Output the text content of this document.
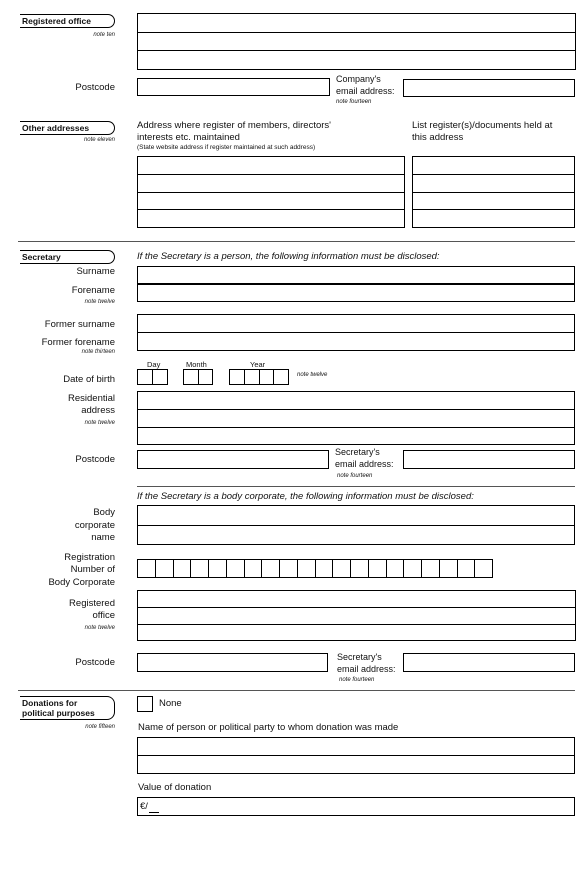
Registered office
note ten
Postcode
Company's
email address:
note fourteen
Other addresses
note eleven
Address where register of members, directors'
interests etc. maintained
(State website address if register maintained at such address)
List register(s)/documents held at
this address
Secretary	If the Secretary is a person, the following information must be disclosed:
Surname
Forename
note twelve
Former surname
Former forename
note thirteen
Day	Month	Year
Date of birth	note twelve
Residential
address
note twelve
Postcode
Secretary's
email address:
note fourteen
If the Secretary is a body corporate, the following information must be disclosed:
Body
corporate
name
Registration
Number of
Body Corporate
Registered
office
note twelve
Postcode	Secretary's
email address:
note fourteen
Donations for
political purposes
note fifteen
None
Name of person or political party to whom donation was made
Value of donation
€/
